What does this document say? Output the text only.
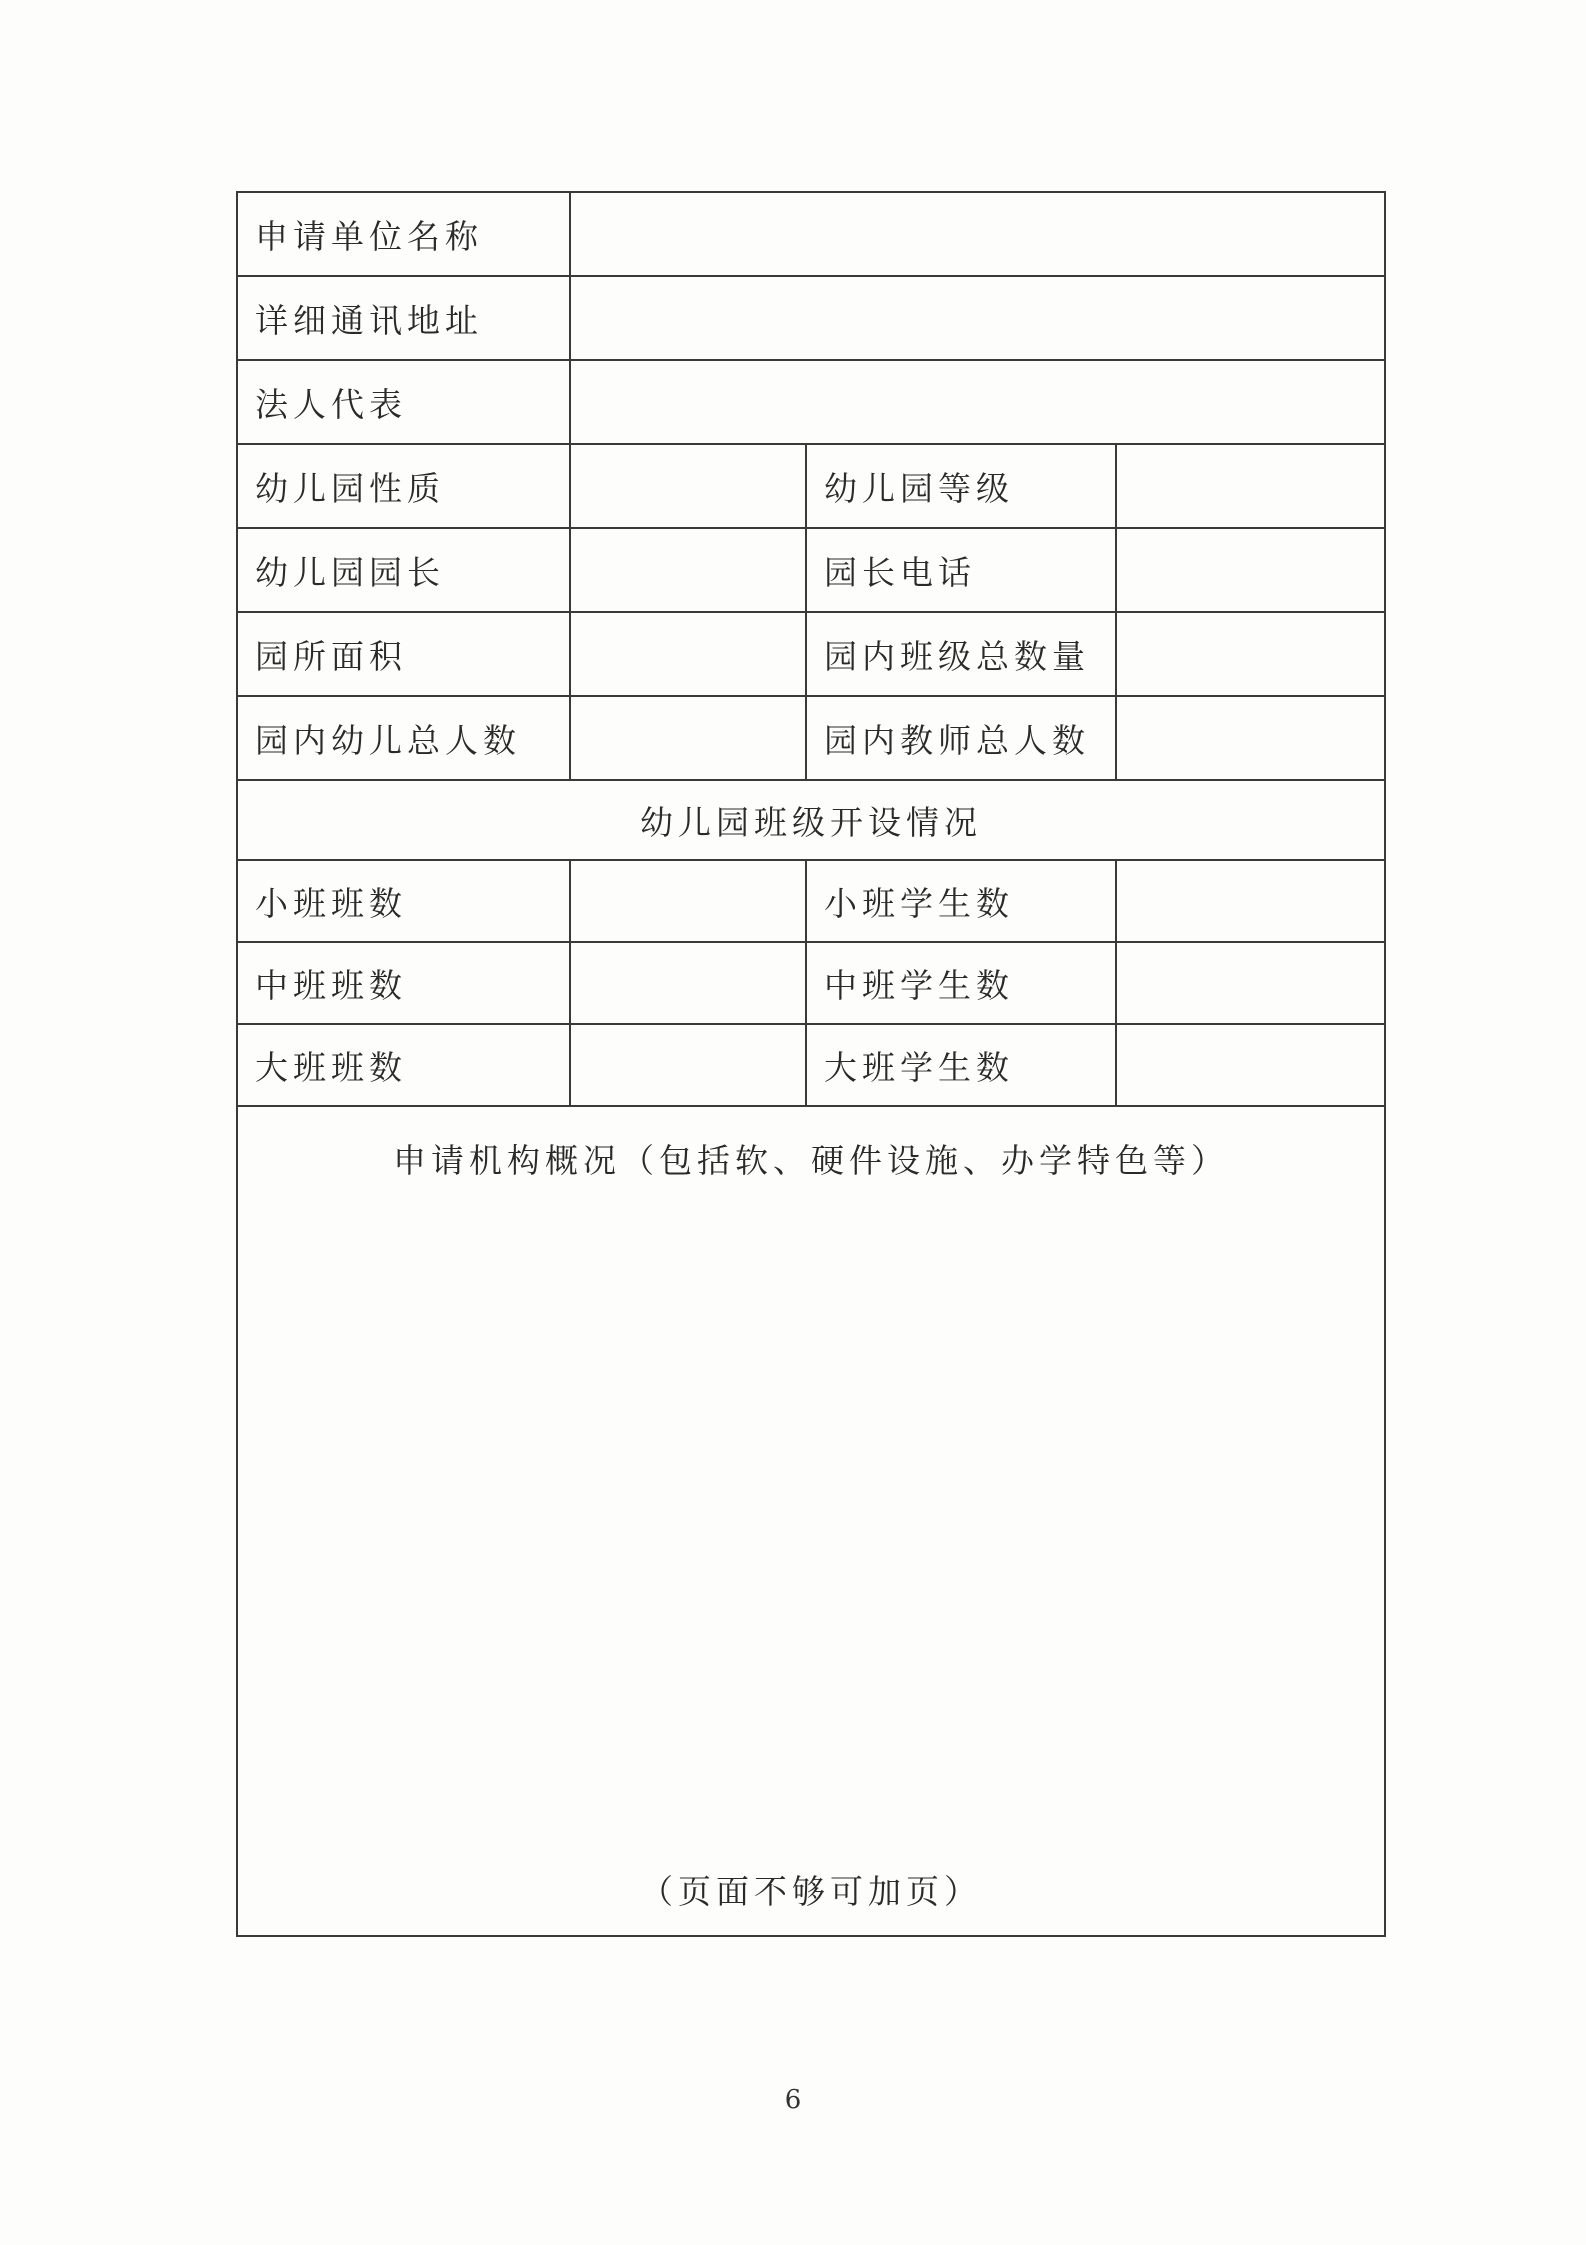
申请单位名称			
详细通讯地址			
法人代表			
幼儿园性质		幼儿园等级	
幼儿园园长		园长电话	
园所面积		园内班级总数量	
园内幼儿总人数		园内教师总人数	
幼儿园班级开设情况			
小班班数		小班学生数	
中班班数		中班学生数	
大班班数		大班学生数	

申请机构概况（包括软、硬件设施、办学特色等）
（页面不够可加页）			
6
